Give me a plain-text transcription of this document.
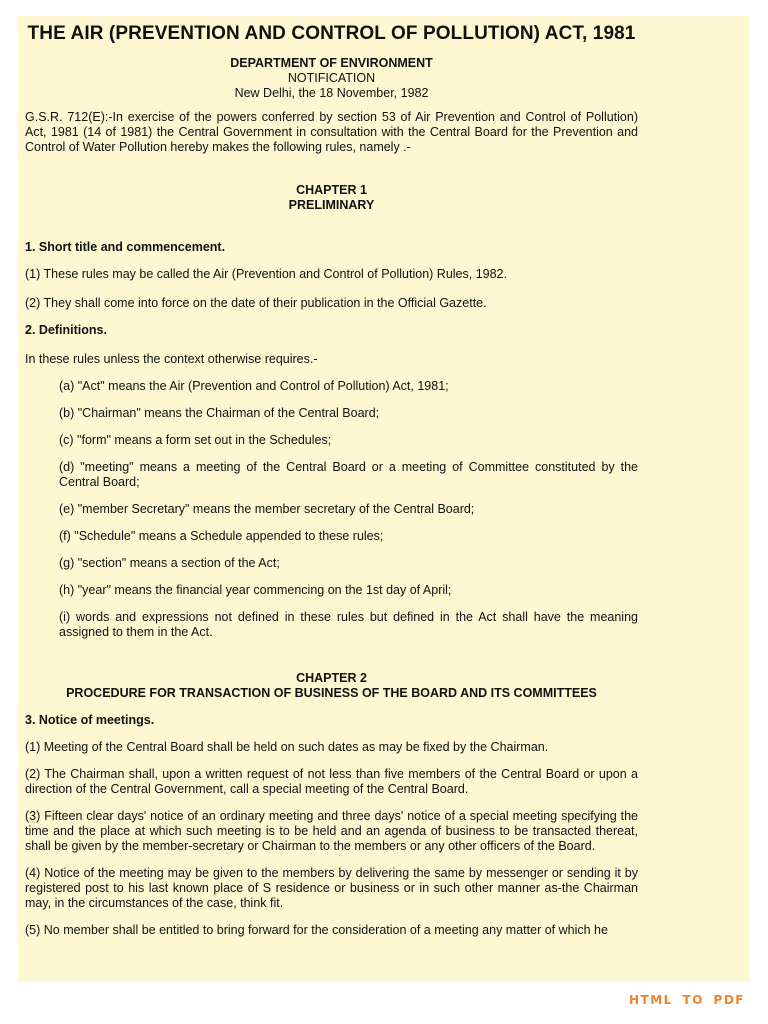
THE AIR (PREVENTION AND CONTROL OF POLLUTION) ACT, 1981
DEPARTMENT OF ENVIRONMENT
NOTIFICATION
New Delhi, the 18 November, 1982

G.S.R. 712(E):-In exercise of the powers conferred by section 53 of Air Prevention and Control of Pollution) Act, 1981 (14 of 1981) the Central Government in consultation with the Central Board for the Prevention and Control of Water Pollution hereby makes the following rules, namely .-

CHAPTER 1
PRELIMINARY
1. Short title and commencement.

(1) These rules may be called the Air (Prevention and Control of Pollution) Rules, 1982.

(2) They shall come into force on the date of their publication in the Official Gazette.

2. Definitions.

In these rules unless the context otherwise requires.-

(a) "Act" means the Air (Prevention and Control of Pollution) Act, 1981;

(b) "Chairman" means the Chairman of the Central Board;

(c) "form" means a form set out in the Schedules;

(d) "meeting" means a meeting of the Central Board or a meeting of Committee constituted by the Central Board;

(e) "member Secretary" means the member secretary of the Central Board;

(f) "Schedule" means a Schedule appended to these rules;

(g) "section" means a section of the Act;

(h) "year" means the financial year commencing on the 1st day of April;

(i) words and expressions not defined in these rules but defined in the Act shall have the meaning assigned to them in the Act.

CHAPTER 2
PROCEDURE FOR TRANSACTION OF BUSINESS OF THE BOARD AND ITS COMMITTEES
3. Notice of meetings.

(1) Meeting of the Central Board shall be held on such dates as may be fixed by the Chairman.

(2) The Chairman shall, upon a written request of not less than five members of the Central Board or upon a direction of the Central Government, call a special meeting of the Central Board.

(3) Fifteen clear days' notice of an ordinary meeting and three days' notice of a special meeting specifying the time and the place at which such meeting is to be held and an agenda of business to be transacted thereat, shall be given by the member-secretary or Chairman to the members or any other officers of the Board.

(4) Notice of the meeting may be given to the members by delivering the same by messenger or sending it by registered post to his last known place of S residence or business or in such other manner as-the Chairman may, in the circumstances of the case, think fit.

(5) No member shall be entitled to bring forward for the consideration of a meeting any matter of which he

HTML TO PDF
